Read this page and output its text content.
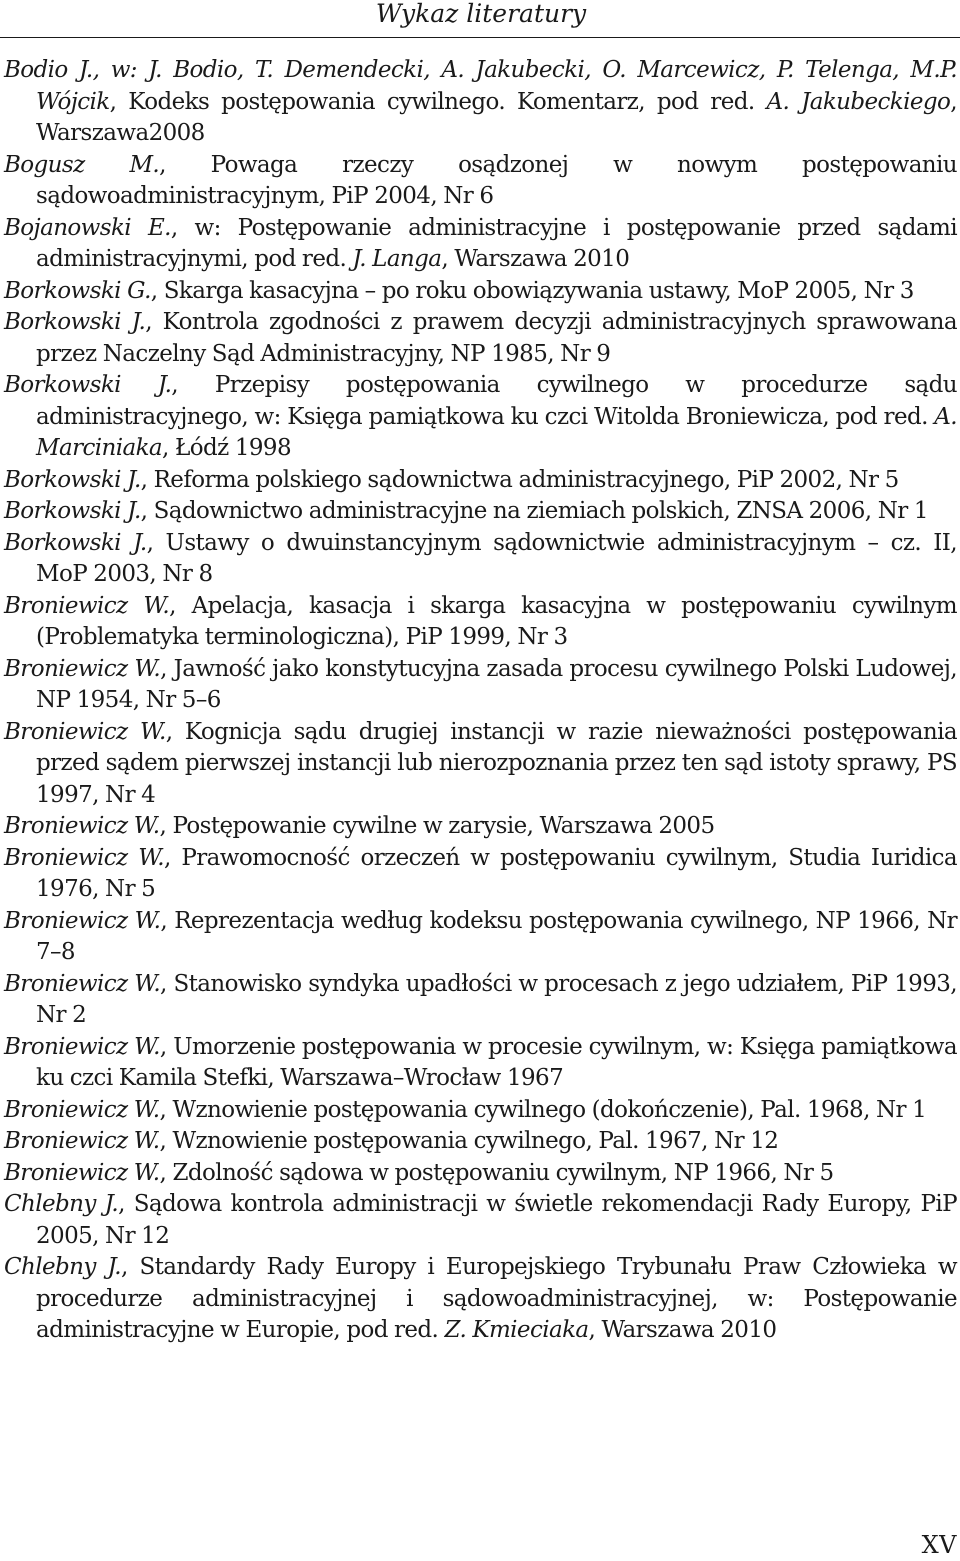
Wykaz literatury
Bodio J., w: J. Bodio, T. Demendecki, A. Jakubecki, O. Marcewicz, P. Telenga, M.P. Wójcik, Kodeks postępowania cywilnego. Komentarz, pod red. A. Jakubeckiego, Warszawa2008
Bogusz M., Powaga rzeczy osądzonej w nowym postępowaniu sądowoadministracyjnym, PiP 2004, Nr 6
Bojanowski E., w: Postępowanie administracyjne i postępowanie przed sądami administracyjnymi, pod red. J. Langa, Warszawa 2010
Borkowski G., Skarga kasacyjna – po roku obowiązywania ustawy, MoP 2005, Nr 3
Borkowski J., Kontrola zgodności z prawem decyzji administracyjnych sprawowana przez Naczelny Sąd Administracyjny, NP 1985, Nr 9
Borkowski J., Przepisy postępowania cywilnego w procedurze sądu administracyjnego, w: Księga pamiątkowa ku czci Witolda Broniewicza, pod red. A. Marciniaka, Łódź 1998
Borkowski J., Reforma polskiego sądownictwa administracyjnego, PiP 2002, Nr 5
Borkowski J., Sądownictwo administracyjne na ziemiach polskich, ZNSA 2006, Nr 1
Borkowski J., Ustawy o dwuinstancyjnym sądownictwie administracyjnym – cz. II, MoP 2003, Nr 8
Broniewicz W., Apelacja, kasacja i skarga kasacyjna w postępowaniu cywilnym (Problematyka terminologiczna), PiP 1999, Nr 3
Broniewicz W., Jawność jako konstytucyjna zasada procesu cywilnego Polski Ludowej, NP 1954, Nr 5–6
Broniewicz W., Kognicja sądu drugiej instancji w razie nieważności postępowania przed sądem pierwszej instancji lub nierozpoznania przez ten sąd istoty sprawy, PS 1997, Nr 4
Broniewicz W., Postępowanie cywilne w zarysie, Warszawa 2005
Broniewicz W., Prawomocność orzeczeń w postępowaniu cywilnym, Studia Iuridica 1976, Nr 5
Broniewicz W., Reprezentacja według kodeksu postępowania cywilnego, NP 1966, Nr 7–8
Broniewicz W., Stanowisko syndyka upadłości w procesach z jego udziałem, PiP 1993, Nr 2
Broniewicz W., Umorzenie postępowania w procesie cywilnym, w: Księga pamiątkowa ku czci Kamila Stefki, Warszawa–Wrocław 1967
Broniewicz W., Wznowienie postępowania cywilnego (dokończenie), Pal. 1968, Nr 1
Broniewicz W., Wznowienie postępowania cywilnego, Pal. 1967, Nr 12
Broniewicz W., Zdolność sądowa w postępowaniu cywilnym, NP 1966, Nr 5
Chlebny J., Sądowa kontrola administracji w świetle rekomendacji Rady Europy, PiP 2005, Nr 12
Chlebny J., Standardy Rady Europy i Europejskiego Trybunału Praw Człowieka w procedurze administracyjnej i sądowoadministracyjnej, w: Postępowanie administracyjne w Europie, pod red. Z. Kmieciaka, Warszawa 2010
XV
